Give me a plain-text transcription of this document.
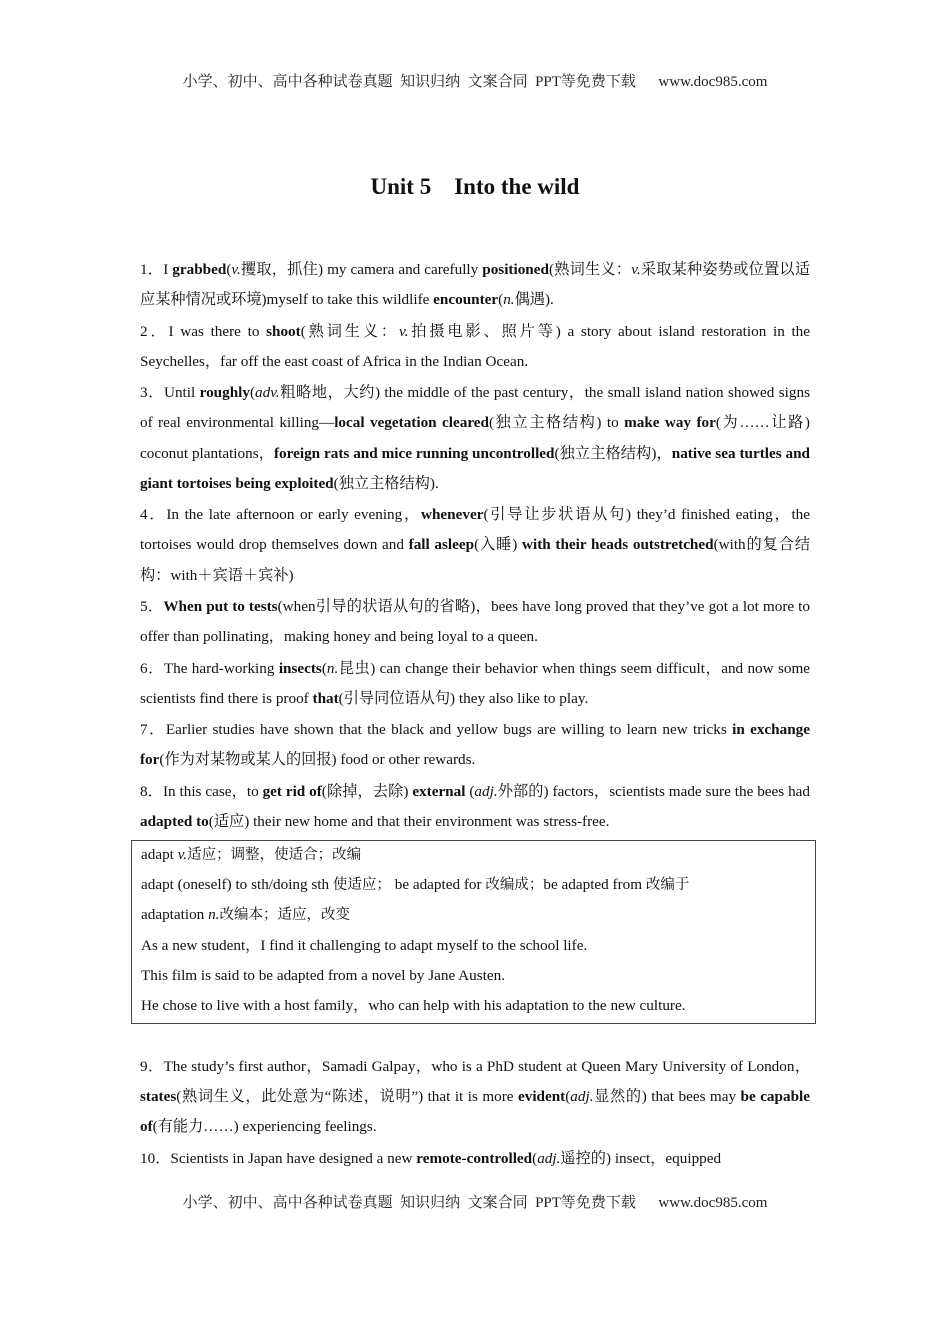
小学、初中、高中各种试卷真题  知识归纳  文案合同  PPT等免费下载      www.doc985.com
Unit 5    Into the wild

1．I grabbed(v.攫取，抓住) my camera and carefully positioned(熟词生义：v.采取某种姿势或位置以适应某种情况或环境)myself to take this wildlife encounter(n.偶遇).

2．I was there to shoot(熟词生义：v.拍摄电影、照片等) a story about island restoration in the Seychelles，far off the east coast of Africa in the Indian Ocean.

3．Until roughly(adv.粗略地，大约) the middle of the past century，the small island nation showed signs of real environmental killing—local vegetation cleared(独立主格结构) to make way for(为……让路) coconut plantations，foreign rats and mice running uncontrolled(独立主格结构)，native sea turtles and giant tortoises being exploited(独立主格结构).

4．In the late afternoon or early evening，whenever(引导让步状语从句) they’d finished eating，the tortoises would drop themselves down and fall asleep(入睡) with their heads outstretched(with的复合结构：with＋宾语＋宾补)

5．When put to tests(when引导的状语从句的省略)，bees have long proved that they’ve got a lot more to offer than pollinating，making honey and being loyal to a queen.

6．The hard-working insects(n.昆虫) can change their behavior when things seem difficult，and now some scientists find there is proof that(引导同位语从句) they also like to play.

7．Earlier studies have shown that the black and yellow bugs are willing to learn new tricks in exchange for(作为对某物或某人的回报) food or other rewards.

8．In this case，to get rid of(除掉，去除) external (adj.外部的) factors，scientists made sure the bees had adapted to(适应) their new home and that their environment was stress-free.

adapt v.适应；调整，使适合；改编
adapt (oneself) to sth/doing sth 使适应； be adapted for 改编成；be adapted from 改编于
adaptation n.改编本；适应，改变
As a new student，I find it challenging to adapt myself to the school life.
This film is said to be adapted from a novel by Jane Austen.
He chose to live with a host family，who can help with his adaptation to the new culture.

9．The study’s first author，Samadi Galpay，who is a PhD student at Queen Mary University of London，states(熟词生义，此处意为“陈述，说明”) that it is more evident(adj.显然的) that bees may be capable of(有能力……) experiencing feelings.

10．Scientists in Japan have designed a new remote-controlled(adj.遥控的) insect，equipped

小学、初中、高中各种试卷真题  知识归纳  文案合同  PPT等免费下载      www.doc985.com
